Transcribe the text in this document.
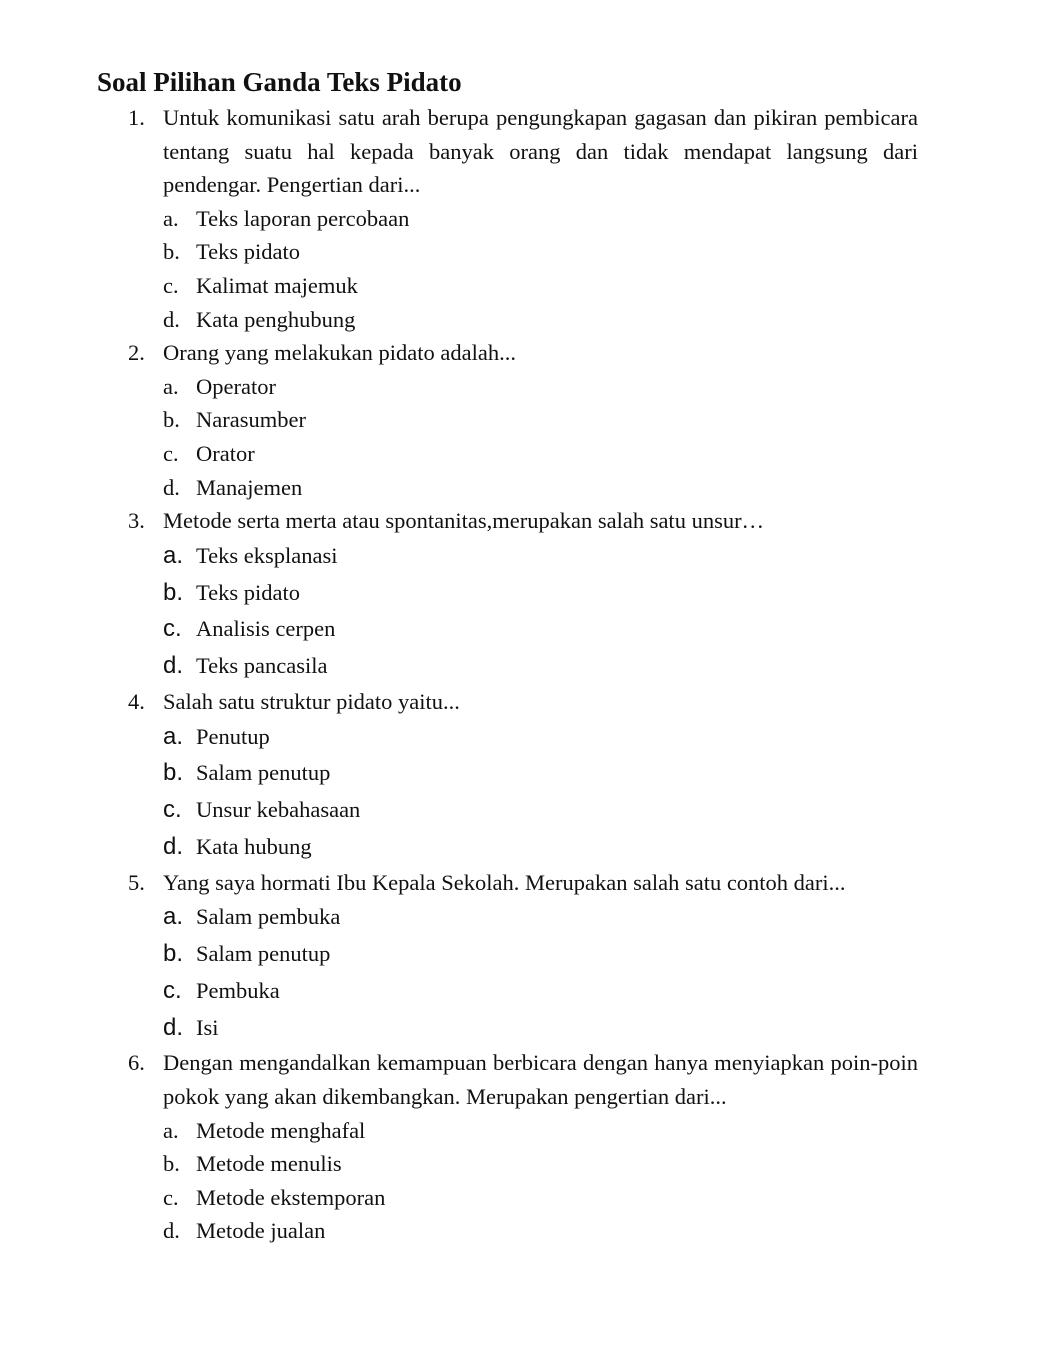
Soal Pilihan Ganda Teks Pidato
1. Untuk komunikasi satu arah berupa pengungkapan gagasan dan pikiran pembicara tentang suatu hal kepada banyak orang dan tidak mendapat langsung dari pendengar. Pengertian dari...
a. Teks laporan percobaan
b. Teks pidato
c. Kalimat majemuk
d. Kata penghubung
2. Orang yang melakukan pidato adalah...
a. Operator
b. Narasumber
c. Orator
d. Manajemen
3. Metode serta merta atau spontanitas,merupakan salah satu unsur…
a. Teks eksplanasi
b. Teks pidato
c. Analisis cerpen
d. Teks pancasila
4. Salah satu struktur pidato yaitu...
a. Penutup
b. Salam penutup
c. Unsur kebahasaan
d. Kata hubung
5. Yang saya hormati Ibu Kepala Sekolah. Merupakan salah satu contoh dari...
a. Salam pembuka
b. Salam penutup
c. Pembuka
d. Isi
6. Dengan mengandalkan kemampuan berbicara dengan hanya menyiapkan poin-poin pokok yang akan dikembangkan. Merupakan pengertian dari...
a. Metode menghafal
b. Metode menulis
c. Metode ekstemporan
d. Metode jualan
